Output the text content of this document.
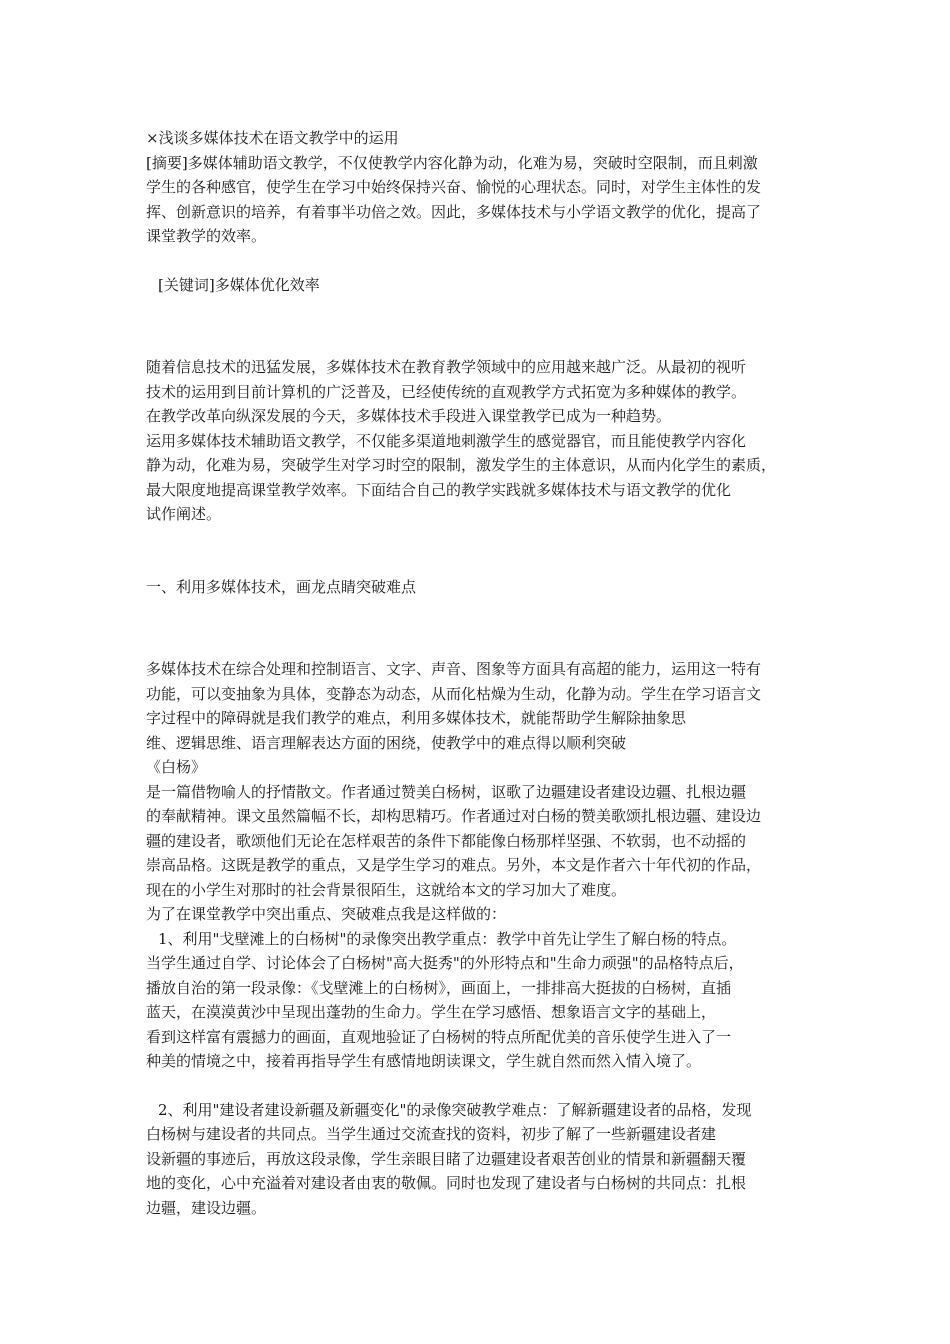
×浅谈多媒体技术在语文教学中的运用
[摘要]多媒体辅助语文教学，不仅使教学内容化静为动，化难为易，突破时空限制，而且刺激
学生的各种感官，使学生在学习中始终保持兴奋、愉悦的心理状态。同时，对学生主体性的发
挥、创新意识的培养，有着事半功倍之效。因此，多媒体技术与小学语文教学的优化，提高了
课堂教学的效率。
[关键词]多媒体优化效率
随着信息技术的迅猛发展，多媒体技术在教育教学领域中的应用越来越广泛。从最初的视听
技术的运用到目前计算机的广泛普及，已经使传统的直观教学方式拓宽为多种媒体的教学。
在教学改革向纵深发展的今天，多媒体技术手段进入课堂教学已成为一种趋势。
运用多媒体技术辅助语文教学，不仅能多渠道地刺激学生的感觉器官，而且能使教学内容化
静为动，化难为易，突破学生对学习时空的限制，激发学生的主体意识，从而内化学生的素质，
最大限度地提高课堂教学效率。下面结合自己的教学实践就多媒体技术与语文教学的优化
试作阐述。
一、利用多媒体技术，画龙点睛突破难点
多媒体技术在综合处理和控制语言、文字、声音、图象等方面具有高超的能力，运用这一特有
功能，可以变抽象为具体，变静态为动态，从而化枯燥为生动，化静为动。学生在学习语言文
字过程中的障碍就是我们教学的难点，利用多媒体技术，就能帮助学生解除抽象思
维、逻辑思维、语言理解表达方面的困绕，使教学中的难点得以顺利突破
《白杨》
是一篇借物喻人的抒情散文。作者通过赞美白杨树，讴歌了边疆建设者建设边疆、扎根边疆
的奉献精神。课文虽然篇幅不长，却构思精巧。作者通过对白杨的赞美歌颂扎根边疆、建设边
疆的建设者，歌颂他们无论在怎样艰苦的条件下都能像白杨那样坚强、不软弱，也不动摇的
崇高品格。这既是教学的重点，又是学生学习的难点。另外，本文是作者六十年代初的作品，
现在的小学生对那时的社会背景很陌生，这就给本文的学习加大了难度。
为了在课堂教学中突出重点、突破难点我是这样做的：
1、利用"戈壁滩上的白杨树"的录像突出教学重点：教学中首先让学生了解白杨的特点。
当学生通过自学、讨论体会了白杨树"高大挺秀"的外形特点和"生命力顽强"的品格特点后，
播放自治的第一段录像：《戈壁滩上的白杨树》，画面上，一排排高大挺拔的白杨树，直插
蓝天，在漠漠黄沙中呈现出蓬勃的生命力。学生在学习感悟、想象语言文字的基础上，
看到这样富有震撼力的画面，直观地验证了白杨树的特点所配优美的音乐使学生进入了一
种美的情境之中，接着再指导学生有感情地朗读课文，学生就自然而然入情入境了。
2、利用"建设者建设新疆及新疆变化"的录像突破教学难点：了解新疆建设者的品格，发现
白杨树与建设者的共同点。当学生通过交流查找的资料，初步了解了一些新疆建设者建
设新疆的事迹后，再放这段录像，学生亲眼目睹了边疆建设者艰苦创业的情景和新疆翻天覆
地的变化，心中充溢着对建设者由衷的敬佩。同时也发现了建设者与白杨树的共同点：扎根
边疆，建设边疆。
